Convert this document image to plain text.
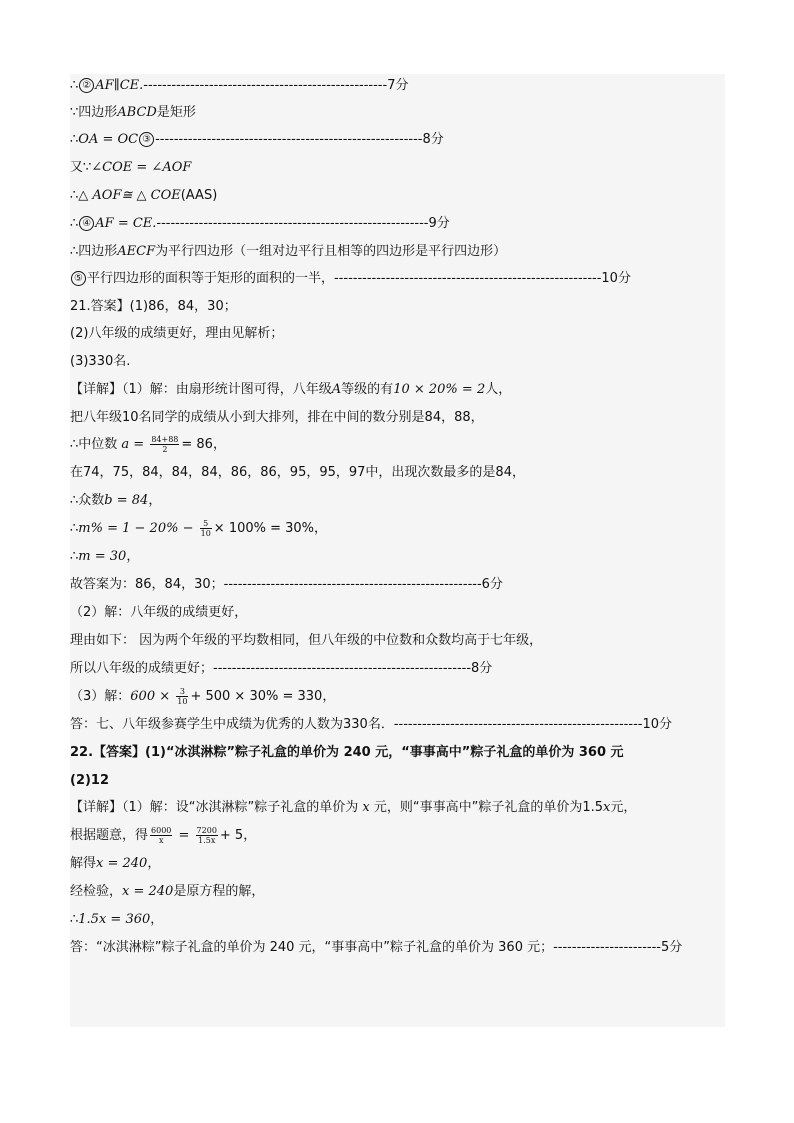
∴ ② AF∥CE.----------------------------------------------------7分
∵四边形ABCD是矩形
∴OA = OC ③ ---------------------------------------------------------8分
又∵∠COE = ∠AOF
∴△ AOF≅ △ COE(AAS)
∴ ④ AF = CE.----------------------------------------------------------9分
∴四边形AECF为平行四边形（一组对边平行且相等的四边形是平行四边形）
⑤ 平行四边形的面积等于矩形的面积的一半，---------------------------------------------------------10分
21.答案】(1)86，84，30；
(2)八年级的成绩更好，理由见解析；
(3)330名.
【详解】（1）解：由扇形统计图可得，八年级A等级的有10 × 20% = 2人，
把八年级10名同学的成绩从小到大排列，排在中间的数分别是84，88，
∴中位数 $a = \frac{84+88}{2} = 86$，
在74，75，84，84，84，86，86，95，95，97中，出现次数最多的是84，
∴众数b = 84，
∴m% = $1 - 20\% - \frac{5}{10} \times 100\% = 30\%$，
∴m = 30，
故答案为：86，84，30；-------------------------------------------------------6分
（2）解：八年级的成绩更好，
理由如下： 因为两个年级的平均数相同，但八年级的中位数和众数均高于七年级，
所以八年级的成绩更好；-------------------------------------------------------8分
（3）解：$600 \times \frac{3}{10} + 500 \times 30\% = 330$，
答：七、八年级参赛学生中成绩为优秀的人数为330名．-----------------------------------------------------10分
22.【答案】(1)“冰淇淋粽”粽子礼盒的单价为 240 元，“事事高中”粽子礼盒的单价为 360 元
(2)12
【详解】（1）解：设“冰淇淋粽”粽子礼盒的单价为 x 元，则“事事高中”粽子礼盒的单价为1.5x元，
根据题意，得 $\frac{6000}{x} = \frac{7200}{1.5x} + 5$，
解得x = 240，
经检验，x = 240是原方程的解，
∴1.5x = 360，
答：“冰淇淋粽”粽子礼盒的单价为 240 元，“事事高中”粽子礼盒的单价为 360 元；-----------------------5分
